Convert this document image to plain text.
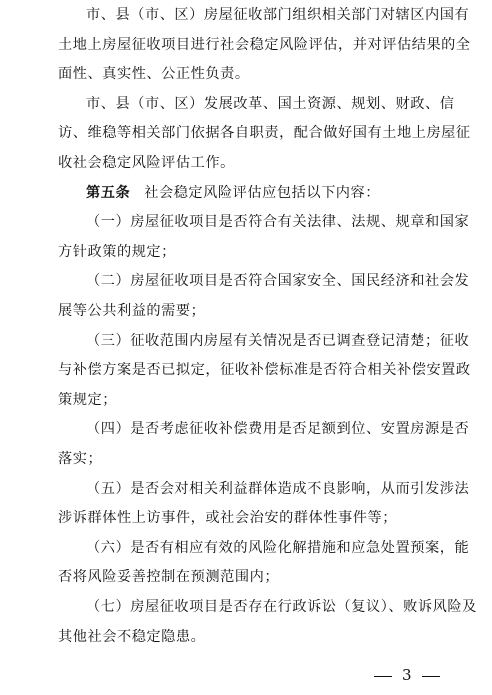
市、县（市、区）房屋征收部门组织相关部门对辖区内国有
土地上房屋征收项目进行社会稳定风险评估，并对评估结果的全
面性、真实性、公正性负责。
市、县（市、区）发展改革、国土资源、规划、财政、信
访、维稳等相关部门依据各自职责，配合做好国有土地上房屋征
收社会稳定风险评估工作。
第五条 社会稳定风险评估应包括以下内容：
（一）房屋征收项目是否符合有关法律、法规、规章和国家
方针政策的规定；
（二）房屋征收项目是否符合国家安全、国民经济和社会发
展等公共利益的需要；
（三）征收范围内房屋有关情况是否已调查登记清楚；征收
与补偿方案是否已拟定，征收补偿标准是否符合相关补偿安置政
策规定；
（四）是否考虑征收补偿费用是否足额到位、安置房源是否
落实；
（五）是否会对相关利益群体造成不良影响，从而引发涉法
涉诉群体性上访事件，或社会治安的群体性事件等；
（六）是否有相应有效的风险化解措施和应急处置预案，能
否将风险妥善控制在预测范围内；
3
（七）房屋征收项目是否存在行政诉讼（复议）、败诉风险及
其他社会不稳定隐患。
